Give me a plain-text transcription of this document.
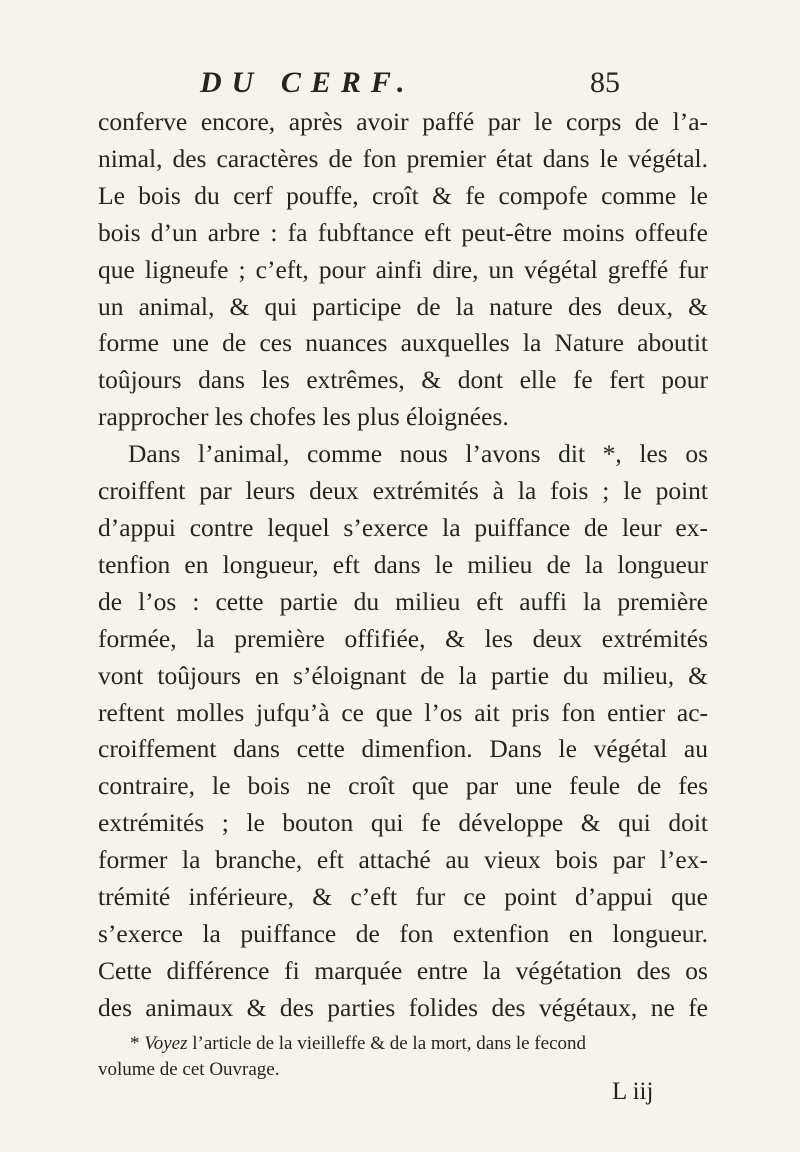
DU CERF.	85
conferve encore, après avoir paffé par le corps de l’a-
nimal, des caractères de fon premier état dans le végétal.
Le bois du cerf pouffe, croît & fe compofe comme le
bois d’un arbre : fa fubftance eft peut-être moins offeufe
que ligneufe ; c’eft, pour ainfi dire, un végétal greffé fur
un animal, & qui participe de la nature des deux, &
forme une de ces nuances auxquelles la Nature aboutit
toûjours dans les extrêmes, & dont elle fe fert pour
rapprocher les chofes les plus éloignées.
Dans l’animal, comme nous l’avons dit *, les os
croiffent par leurs deux extrémités à la fois ; le point
d’appui contre lequel s’exerce la puiffance de leur ex-
tenfion en longueur, eft dans le milieu de la longueur
de l’os : cette partie du milieu eft auffi la première
formée, la première offifiée, & les deux extrémités
vont toûjours en s’éloignant de la partie du milieu, &
reftent molles jufqu’à ce que l’os ait pris fon entier ac-
croiffement dans cette dimenfion. Dans le végétal au
contraire, le bois ne croît que par une feule de fes
extrémités ; le bouton qui fe développe & qui doit
former la branche, eft attaché au vieux bois par l’ex-
trémité inférieure, & c’eft fur ce point d’appui que
s’exerce la puiffance de fon extenfion en longueur.
Cette différence fi marquée entre la végétation des os
des animaux & des parties folides des végétaux, ne fe
* Voyez l’article de la vieilleffe & de la mort, dans le fecond
volume de cet Ouvrage.
L iij
